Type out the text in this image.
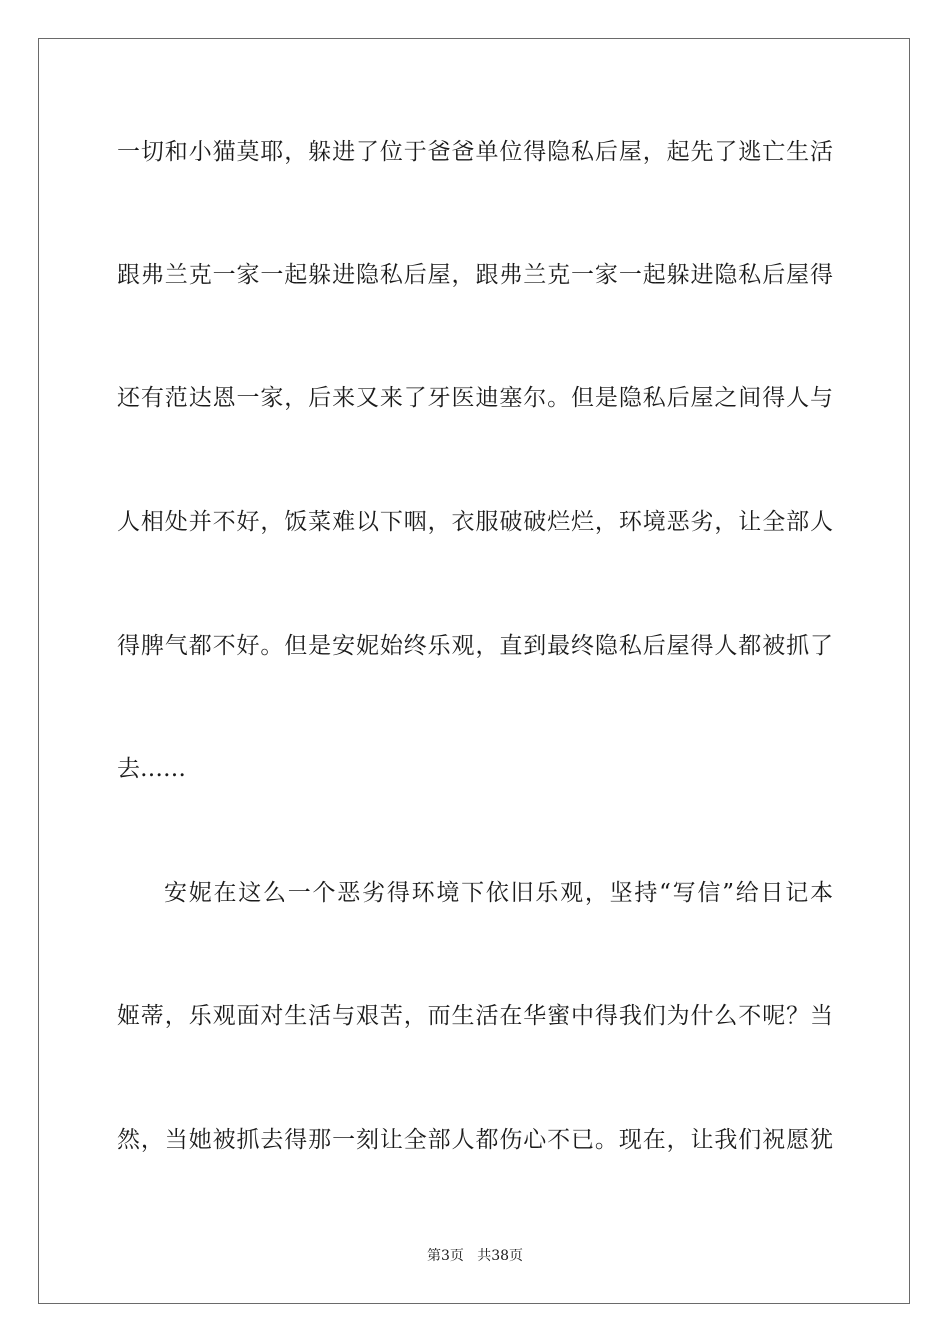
一切和小猫莫耶，躲进了位于爸爸单位得隐私后屋，起先了逃亡生活
跟弗兰克一家一起躲进隐私后屋，跟弗兰克一家一起躲进隐私后屋得
还有范达恩一家，后来又来了牙医迪塞尔。但是隐私后屋之间得人与
人相处并不好，饭菜难以下咽，衣服破破烂烂，环境恶劣，让全部人
得脾气都不好。但是安妮始终乐观，直到最终隐私后屋得人都被抓了
去……
安妮在这么一个恶劣得环境下依旧乐观，坚持“写信”给日记本
姬蒂，乐观面对生活与艰苦，而生活在华蜜中得我们为什么不呢？当
然，当她被抓去得那一刻让全部人都伤心不已。现在，让我们祝愿犹
第3页   共38页
